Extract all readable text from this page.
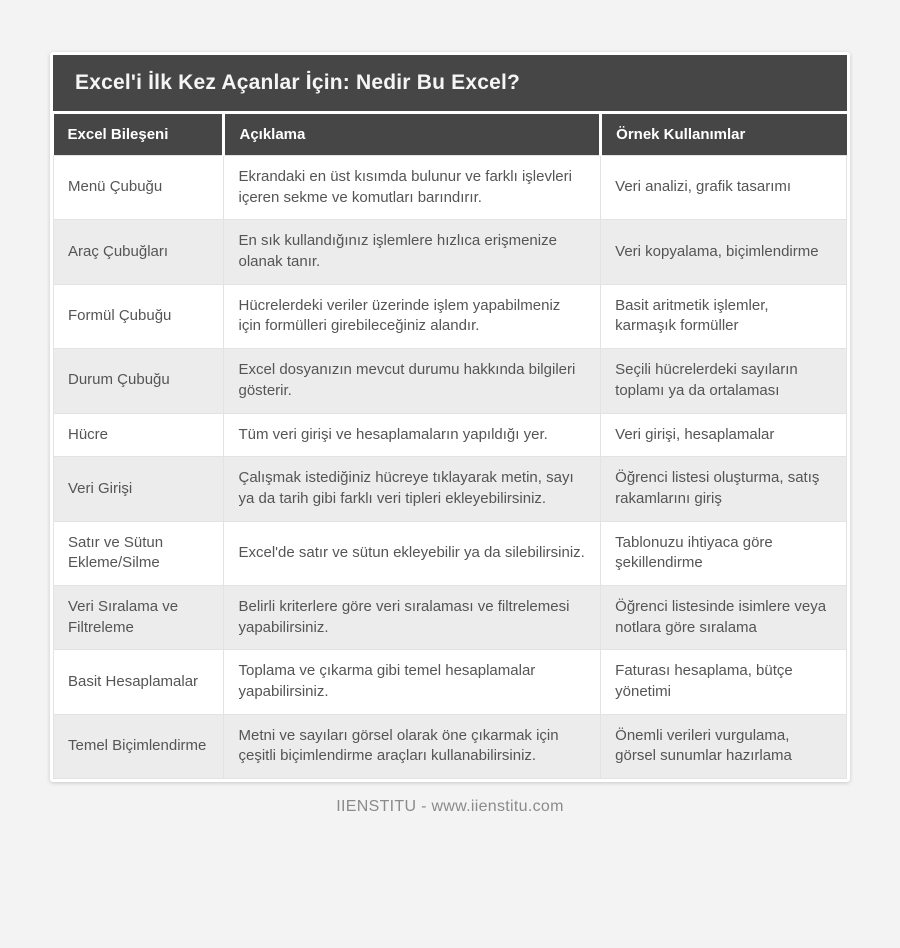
Excel'i İlk Kez Açanlar İçin: Nedir Bu Excel?
Excel Bileşeni	Açıklama	Örnek Kullanımlar
Menü Çubuğu	Ekrandaki en üst kısımda bulunur ve farklı işlevleri içeren sekme ve komutları barındırır.	Veri analizi, grafik tasarımı
Araç Çubuğları	En sık kullandığınız işlemlere hızlıca erişmenize olanak tanır.	Veri kopyalama, biçimlendirme
Formül Çubuğu	Hücrelerdeki veriler üzerinde işlem yapabilmeniz için formülleri girebileceğiniz alandır.	Basit aritmetik işlemler, karmaşık formüller
Durum Çubuğu	Excel dosyanızın mevcut durumu hakkında bilgileri gösterir.	Seçili hücrelerdeki sayıların toplamı ya da ortalaması
Hücre	Tüm veri girişi ve hesaplamaların yapıldığı yer.	Veri girişi, hesaplamalar
Veri Girişi	Çalışmak istediğiniz hücreye tıklayarak metin, sayı ya da tarih gibi farklı veri tipleri ekleyebilirsiniz.	Öğrenci listesi oluşturma, satış rakamlarını giriş
Satır ve Sütun Ekleme/Silme	Excel'de satır ve sütun ekleyebilir ya da silebilirsiniz.	Tablonuzu ihtiyaca göre şekillendirme
Veri Sıralama ve Filtreleme	Belirli kriterlere göre veri sıralaması ve filtrelemesi yapabilirsiniz.	Öğrenci listesinde isimlere veya notlara göre sıralama
Basit Hesaplamalar	Toplama ve çıkarma gibi temel hesaplamalar yapabilirsiniz.	Faturası hesaplama, bütçe yönetimi
Temel Biçimlendirme	Metni ve sayıları görsel olarak öne çıkarmak için çeşitli biçimlendirme araçları kullanabilirsiniz.	Önemli verileri vurgulama, görsel sunumlar hazırlama
IIENSTITU - www.iienstitu.com
